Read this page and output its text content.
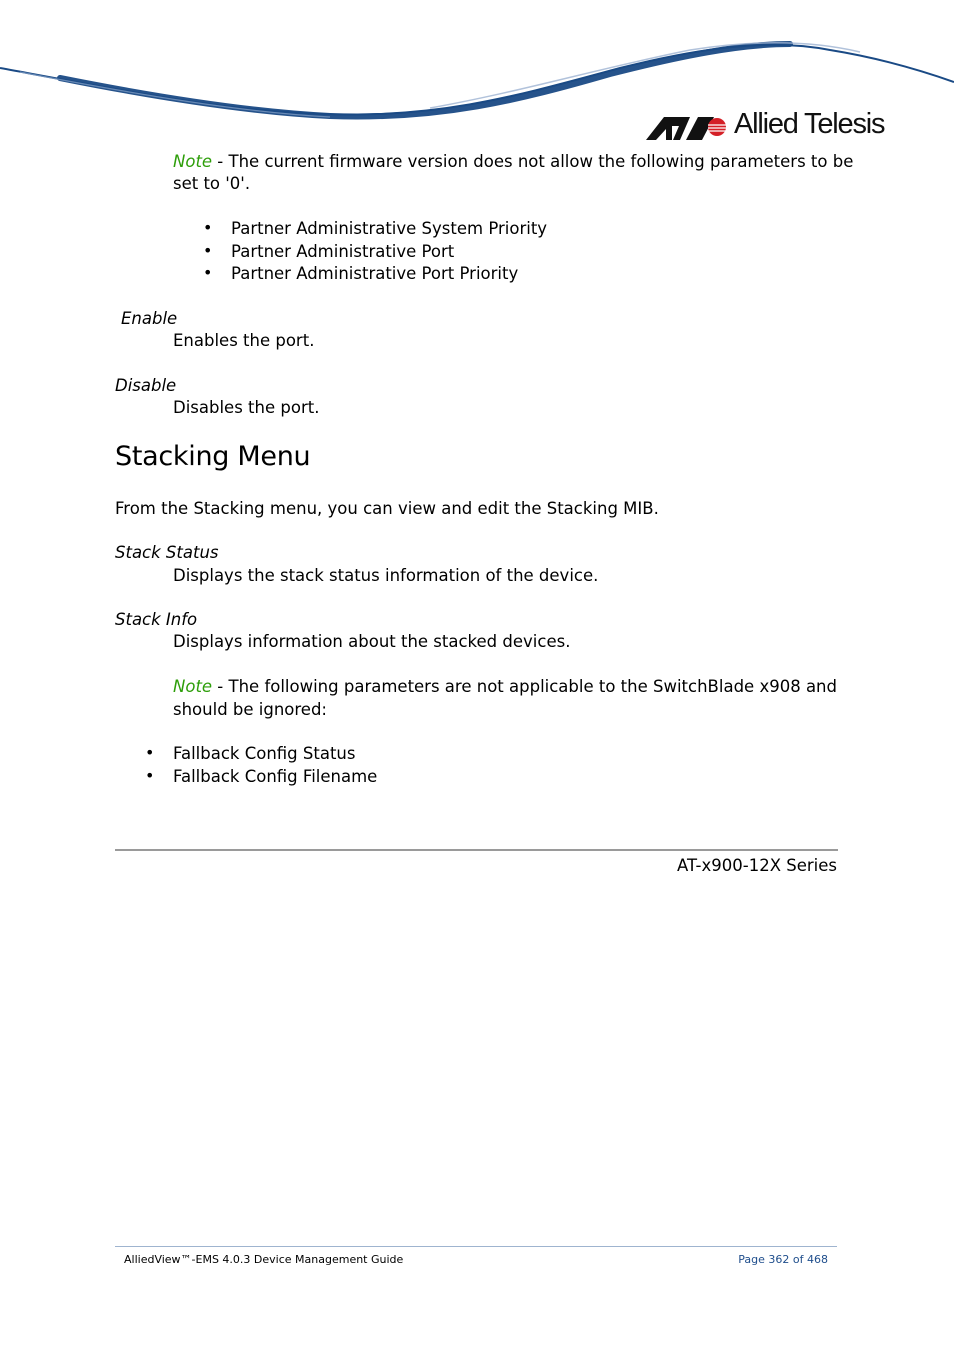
Allied Telesis
Note - The current firmware version does not allow the following parameters to be
set to '0'.
• Partner Administrative System Priority
• Partner Administrative Port
• Partner Administrative Port Priority
Enable
Enables the port.
Disable
Disables the port.
Stacking Menu
From the Stacking menu, you can view and edit the Stacking MIB.
Stack Status
Displays the stack status information of the device.
Stack Info
Displays information about the stacked devices.
Note - The following parameters are not applicable to the SwitchBlade x908 and
should be ignored:
• Fallback Config Status
• Fallback Config Filename
AT-x900-12X Series
AlliedView™-EMS 4.0.3 Device Management Guide	Page 362 of 468
